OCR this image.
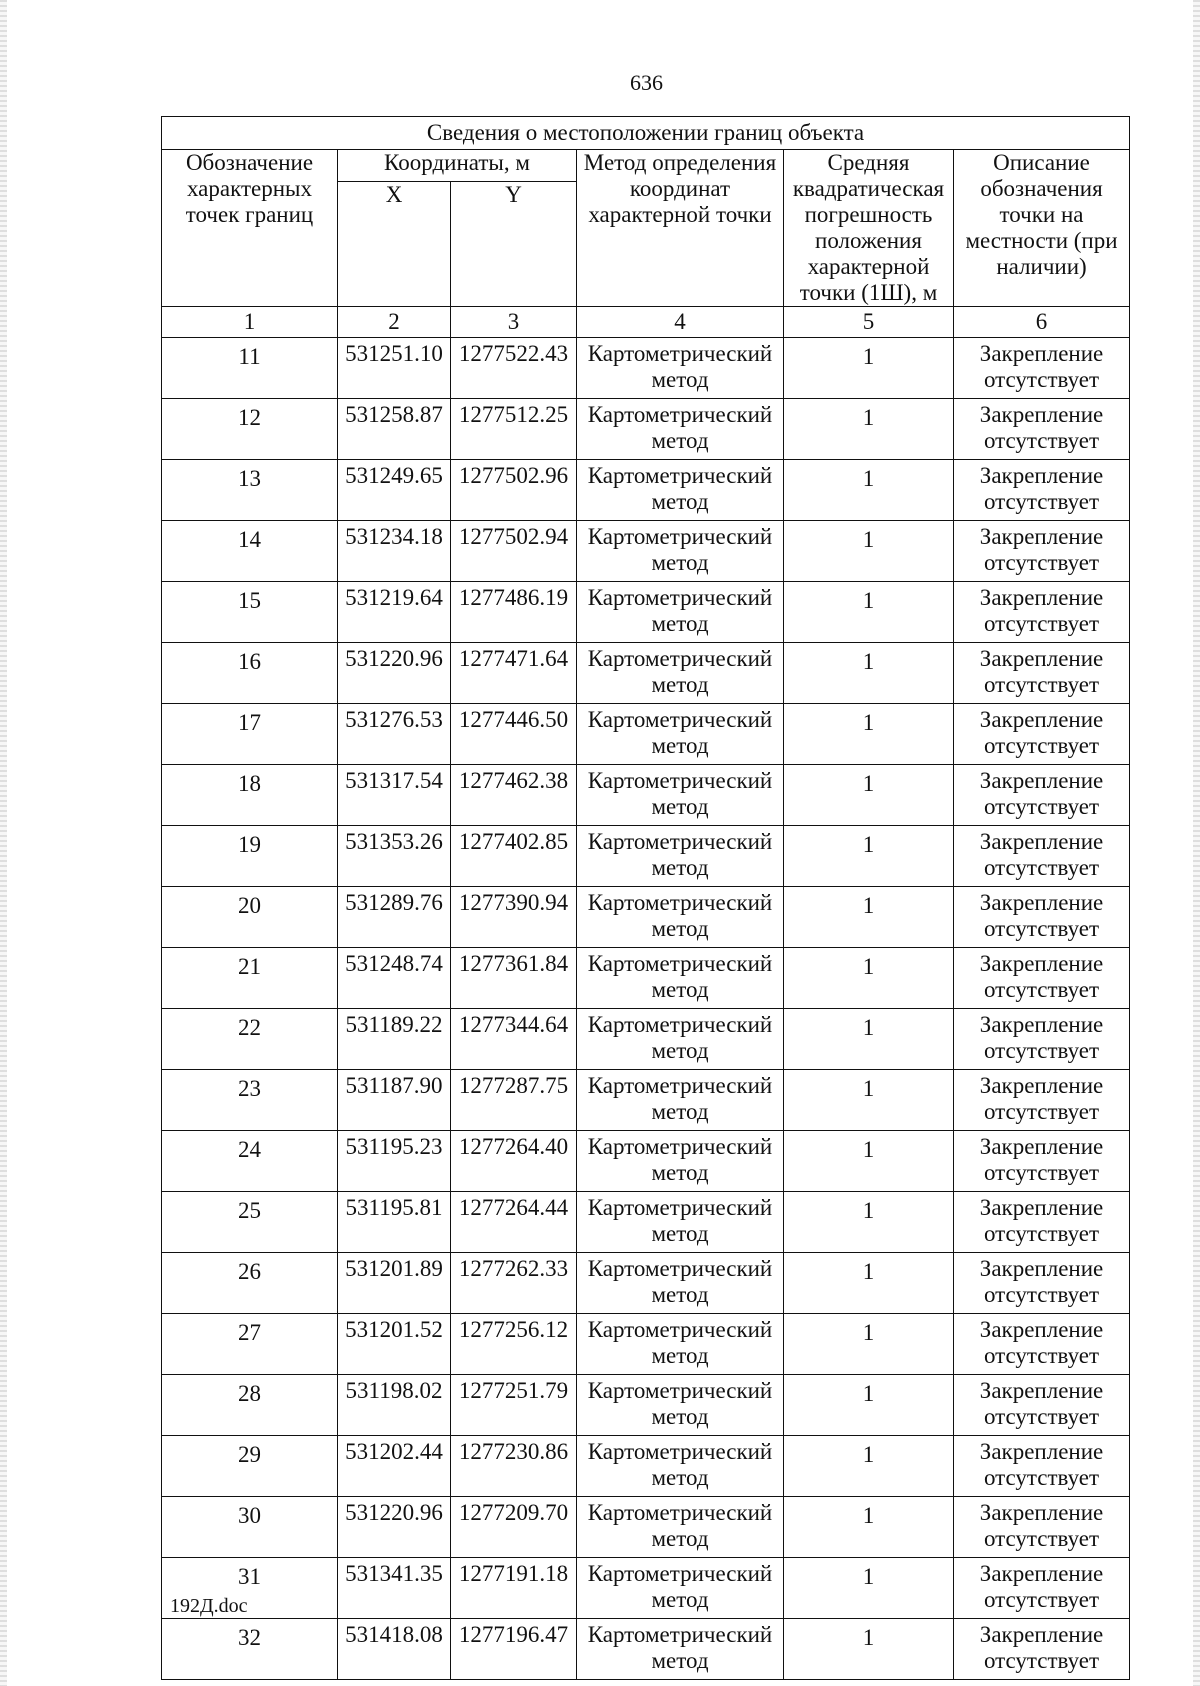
636
Сведения о местоположении границ объекта					
Обозначение характерных точек границ	Координаты, м		Метод определения координат характерной точки	Средняя квадратическая погрешность положения характерной точки (1Ш), м	Описание обозначения точки на местности (при наличии)
	X	Y			
1	2	3	4	5	6
11	531251.10	1277522.43	Картометрический метод	1	Закрепление отсутствует
12	531258.87	1277512.25	Картометрический метод	1	Закрепление отсутствует
13	531249.65	1277502.96	Картометрический метод	1	Закрепление отсутствует
14	531234.18	1277502.94	Картометрический метод	1	Закрепление отсутствует
15	531219.64	1277486.19	Картометрический метод	1	Закрепление отсутствует
16	531220.96	1277471.64	Картометрический метод	1	Закрепление отсутствует
17	531276.53	1277446.50	Картометрический метод	1	Закрепление отсутствует
18	531317.54	1277462.38	Картометрический метод	1	Закрепление отсутствует
19	531353.26	1277402.85	Картометрический метод	1	Закрепление отсутствует
20	531289.76	1277390.94	Картометрический метод	1	Закрепление отсутствует
21	531248.74	1277361.84	Картометрический метод	1	Закрепление отсутствует
22	531189.22	1277344.64	Картометрический метод	1	Закрепление отсутствует
23	531187.90	1277287.75	Картометрический метод	1	Закрепление отсутствует
24	531195.23	1277264.40	Картометрический метод	1	Закрепление отсутствует
25	531195.81	1277264.44	Картометрический метод	1	Закрепление отсутствует
26	531201.89	1277262.33	Картометрический метод	1	Закрепление отсутствует
27	531201.52	1277256.12	Картометрический метод	1	Закрепление отсутствует
28	531198.02	1277251.79	Картометрический метод	1	Закрепление отсутствует
29	531202.44	1277230.86	Картометрический метод	1	Закрепление отсутствует
30	531220.96	1277209.70	Картометрический метод	1	Закрепление отсутствует
31	531341.35	1277191.18	Картометрический метод	1	Закрепление отсутствует
32	531418.08	1277196.47	Картометрический метод	1	Закрепление отсутствует
192Д.doc
